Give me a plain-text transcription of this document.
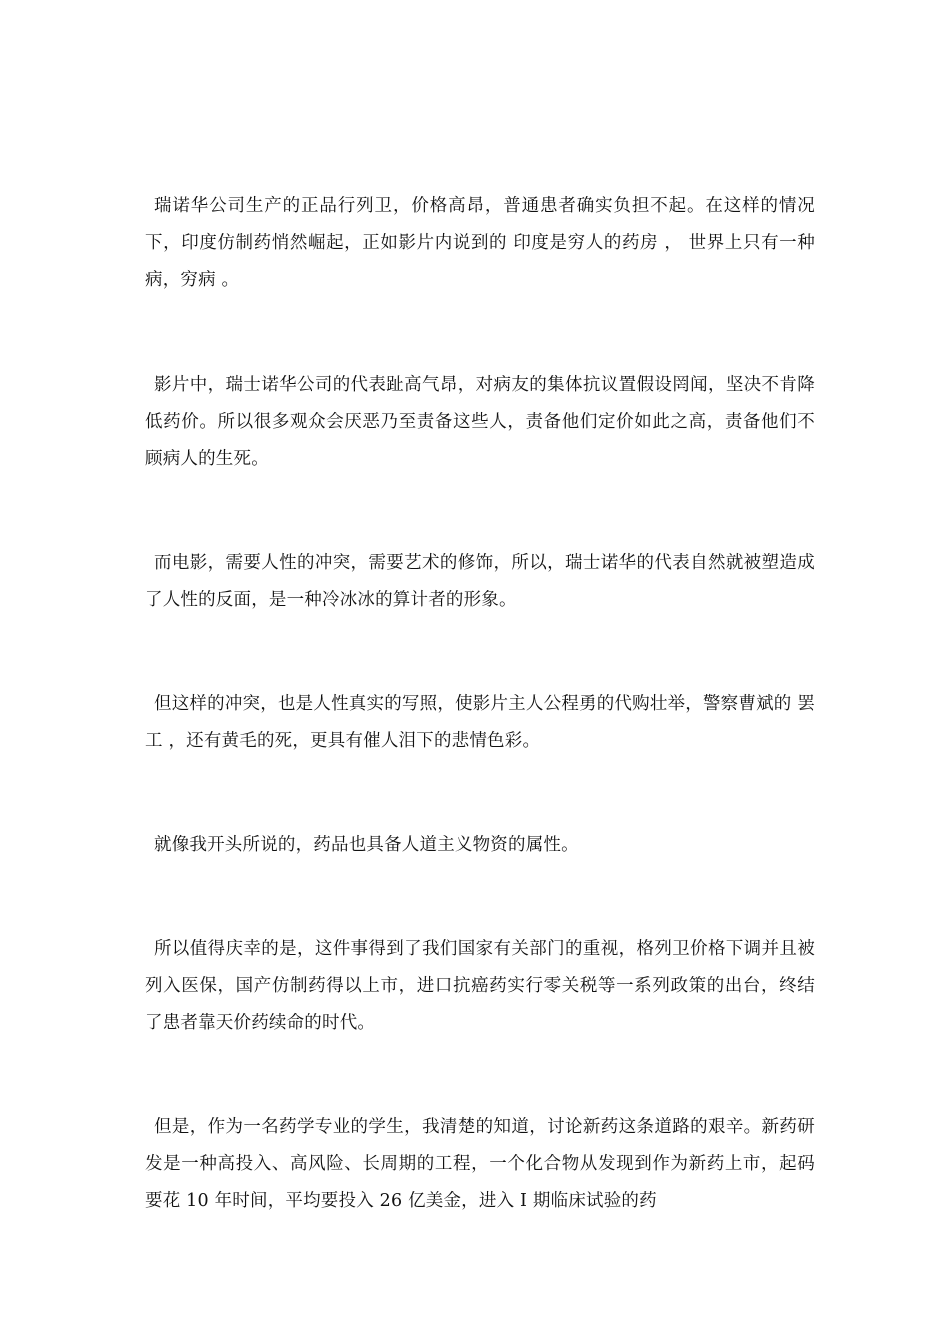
瑞诺华公司生产的正品行列卫，价格高昂，普通患者确实负担不起。在这样的情况下，印度仿制药悄然崛起，正如影片内说到的 印度是穷人的药房 ， 世界上只有一种病，穷病 。

影片中，瑞士诺华公司的代表趾高气昂，对病友的集体抗议置假设罔闻，坚决不肯降低药价。所以很多观众会厌恶乃至责备这些人，责备他们定价如此之高，责备他们不顾病人的生死。

而电影，需要人性的冲突，需要艺术的修饰，所以，瑞士诺华的代表自然就被塑造成了人性的反面，是一种冷冰冰的算计者的形象。

但这样的冲突，也是人性真实的写照，使影片主人公程勇的代购壮举，警察曹斌的 罢工 ，还有黄毛的死，更具有催人泪下的悲情色彩。

就像我开头所说的，药品也具备人道主义物资的属性。

所以值得庆幸的是，这件事得到了我们国家有关部门的重视，格列卫价格下调并且被列入医保，国产仿制药得以上市，进口抗癌药实行零关税等一系列政策的出台，终结了患者靠天价药续命的时代。

但是，作为一名药学专业的学生，我清楚的知道，讨论新药这条道路的艰辛。新药研发是一种高投入、高风险、长周期的工程，一个化合物从发现到作为新药上市，起码要花 10 年时间，平均要投入 26 亿美金，进入 I 期临床试验的药
